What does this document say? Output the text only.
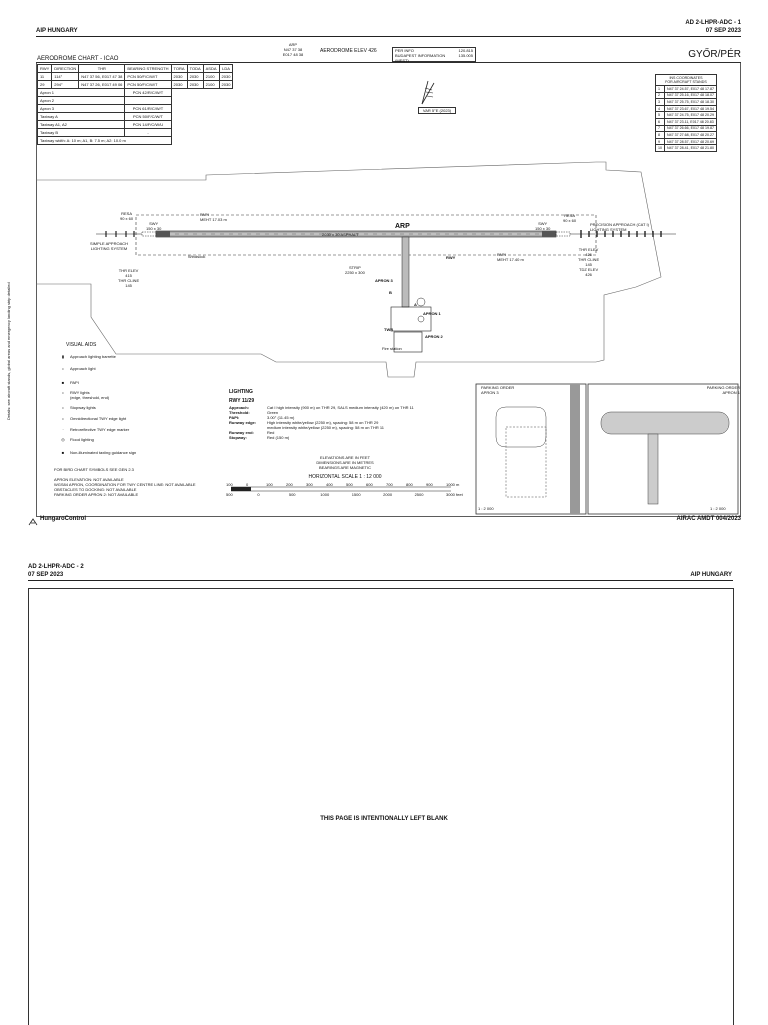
AIP HUNGARY
AD 2-LHPR-ADC - 1
07 SEP 2023
AERODROME CHART - ICAO
ARP
N47 37 38
E017 48 38
AERODROME ELEV 426	PER INFO	120.815
BUDAPEST INFORMATION (MEST)
135.005	GYŐR/PÉR
RWY	DIRECTION	THR	BEARING STRENGTH	TORA	TODA	ASDA	LDA
11	114°	N47 37 56, E017 47 38	PCN 50/F/C/W/T	2030	2030	2100	2030
29	294°	N47 37 26, E017 49 06	PCN 50/F/C/W/T	2030	2030	2100	2030
Apron 1			PCN 42/R/C/W/T				
Apron 2							
Apron 3			PCN 61/R/C/W/T				
Taxiway A			PCN 50/F/C/W/T				
Taxiway A1, A2			PCN 14/F/C/W/U				
Taxiway B			-				
Taxiway width: A: 10 m; A1, B: 7.5 m; A2: 10.0 m							
VAR 5°E (2023)
INS COORDINATES
FOR AIRCRAFT STANDS	

1	N47 37 24.57, E017 48 17.87
2	N47 37 25.16, E017 48 18.07
3	N47 37 25.75, E017 48 18.30
4	N47 37 23.67, E017 48 19.54
5	N47 37 24.75, E017 48 20.29
6	N47 37 23.11, E017 48 20.83
7	N47 37 26.66, E017 48 19.87
8	N47 37 27.68, E017 48 20.27
9	N47 37 28.57, E017 48 20.69
10	N47 37 28.41, E017 48 21.80
RESA
90 x 60
SWY
150 x 30
PAPI
MEHT 17.03 m
ARP
2030 x 30 ASPHALT
SWY
150 x 30
RESA
90 x 60
PRECISION APPROACH (CAT I)
LIGHTING SYSTEM
THR ELEV
415
THR CLINE
145
THR ELEV
426
THR CLINE
145
TDZ ELEV
426
STRIP
2250 x 300
APRON 3
APRON 1
APRON 2
RWY
PAPI
MEHT 17.40 m
Windsock
TWR
Fire station
SIMPLE APPROACH
LIGHTING SYSTEM
A
B
Details: see aircraft stands, global areas and emergency landing strip detailed	VISUAL AIDS
▮ Approach lighting barrette
• Approach light
■ PAPI
• RWY lights
(edge, threshold, end)
• Stopway lights
• Omnidirectional TWY edge light
· Retroreflective TWY edge marker
◎ Flood lighting
■ Non-illuminated taxiing guidance sign
FOR BIRD CHART SYMBOLS SEE GEN 2.3

APRON ELEVATION: NOT AVAILABLE
WGS84 APRON, COORDINATION FOR TWY CENTRE LINE: NOT AVAILABLE
OBSTACLES TO DOCKING: NOT AVAILABLE
PARKING ORDER APRON 2: NOT AVAILABLE
LIGHTING
RWY 11/29
Approach:	Cat I high intensity (900 m) on THR 29, SALS medium intensity (420 m) on THR 11
Threshold:	Green
PAPI:	3.00° (11.45 m)
Runway edge:	High intensity white/yellow (2250 m), spacing: 58 m on THR 29
medium intensity white/yellow (2250 m), spacing: 58 m on THR 11
Runway end:	Red
Stopway:	Red (150 m)
ELEVATIONS ARE IN FEET
DIMENSIONS ARE IN METRES
BEARINGS ARE MAGNETIC
HORIZONTAL SCALE 1 : 12 000
100	0	100	200	300	400	500	600	700	800	900	1000 m
500	0	500	1000	1500	2000	2500	3000 feet
PARKING ORDER
APRON 3
1 : 2 000
PARKING ORDER
APRON 1
1 : 2 000
HungaroControl	AIRAC AMDT 004/2023
AD 2-LHPR-ADC - 2
07 SEP 2023	AIP HUNGARY
THIS PAGE IS INTENTIONALLY LEFT BLANK
